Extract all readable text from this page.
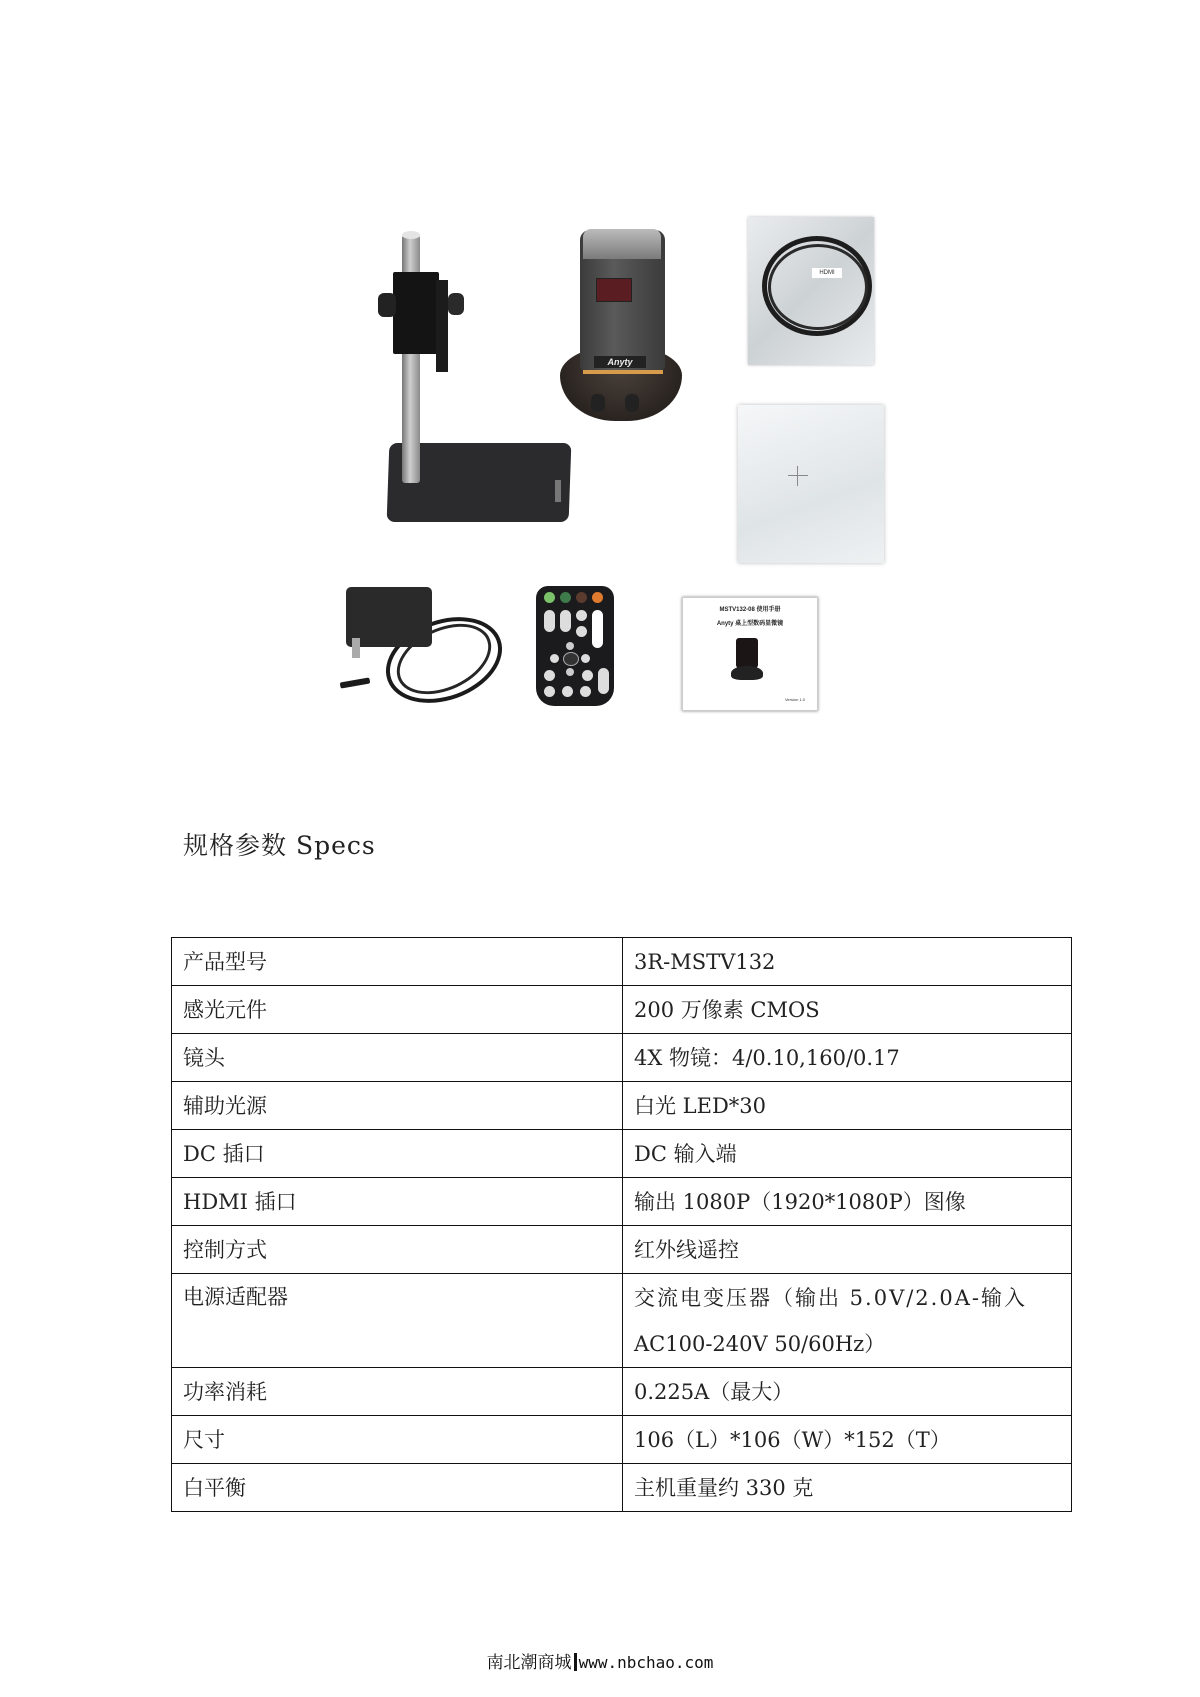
Anyty
HDMI
MSTV132-08 使用手册
Anyty 桌上型数码显微镜
Version 1.0
规格参数 Specs
产品型号	3R-MSTV132
感光元件	200 万像素 CMOS
镜头	4X 物镜：4/0.10,160/0.17
辅助光源	白光 LED*30
DC 插口	DC 输入端
HDMI 插口	输出 1080P（1920*1080P）图像
控制方式	红外线遥控
电源适配器	交流电变压器（输出 5.0V/2.0A-输入
AC100-240V 50/60Hz）

功率消耗	0.225A（最大）
尺寸	106（L）*106（W）*152（T）
白平衡	主机重量约 330 克
南北潮商城 www.nbchao.com
